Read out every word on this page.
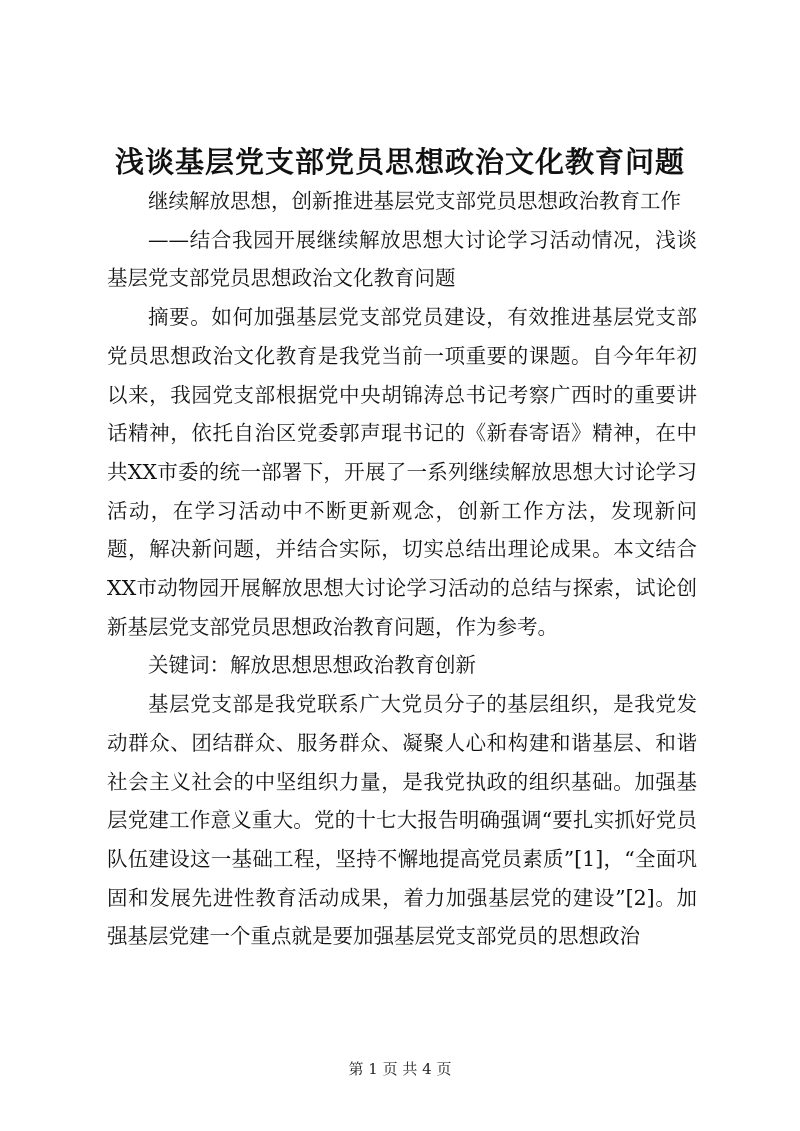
浅谈基层党支部党员思想政治文化教育问题

继续解放思想，创新推进基层党支部党员思想政治教育工作

——结合我园开展继续解放思想大讨论学习活动情况，浅谈基层党支部党员思想政治文化教育问题

摘要。如何加强基层党支部党员建设，有效推进基层党支部党员思想政治文化教育是我党当前一项重要的课题。自今年年初以来，我园党支部根据党中央胡锦涛总书记考察广西时的重要讲话精神，依托自治区党委郭声琨书记的《新春寄语》精神，在中共XX市委的统一部署下，开展了一系列继续解放思想大讨论学习活动，在学习活动中不断更新观念，创新工作方法，发现新问题，解决新问题，并结合实际，切实总结出理论成果。本文结合XX市动物园开展解放思想大讨论学习活动的总结与探索，试论创新基层党支部党员思想政治教育问题，作为参考。

关键词：解放思想思想政治教育创新

基层党支部是我党联系广大党员分子的基层组织，是我党发动群众、团结群众、服务群众、凝聚人心和构建和谐基层、和谐社会主义社会的中坚组织力量，是我党执政的组织基础。加强基层党建工作意义重大。党的十七大报告明确强调“要扎实抓好党员队伍建设这一基础工程，坚持不懈地提高党员素质”[1]，“全面巩固和发展先进性教育活动成果，着力加强基层党的建设”[2]。加强基层党建一个重点就是要加强基层党支部党员的思想政治

第 1 页 共 4 页
